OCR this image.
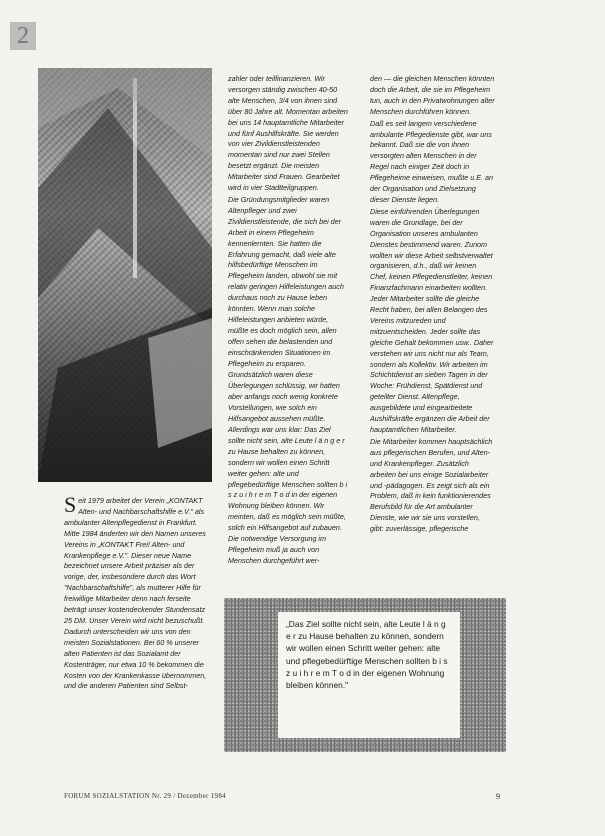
2

Seit 1979 arbeitet der Verein „KONTAKT Alten- und Nachbarschaftshilfe e.V." als ambulanter Altenpflegedienst in Frankfurt. Mitte 1984 änderten wir den Namen unseres Vereins in „KONTAKT Frei! Alten- und Krankenpflege e.V.". Dieser neue Name bezeichnet unsere Arbeit präziser als der vorige, der, insbesondere durch das Wort "Nachbarschaftshilfe", als mutterer Hilfe für freiwillige Mitarbeiter denn nach ferseite beträgt unser kostendeckender Stundensatz 25 DM. Unser Verein wird nicht bezuschußt. Dadurch unterscheiden wir uns von den meisten Sozialstationen. Bei 60 % unserer alten Patienten ist das Sozialamt der Kostenträger, nur etwa 10 % bekommen die Kosten von der Krankenkasse übernommen, und die anderen Patienten sind Selbst-

zahler oder teilfinanzieren. Wir versorgen ständig zwischen 40-50 alte Menschen, 3/4 von ihnen sind über 80 Jahre alt. Momentan arbeiten bei uns 14 hauptamtliche Mitarbeiter und fünf Aushilfskräfte. Sie werden von vier Zivildienstleistenden momentan sind nur zwei Stellen besetzt ergänzt. Die meisten Mitarbeiter sind Frauen. Gearbeitet wird in vier Stadtteilgruppen.

Die Gründungsmitglieder waren Altenpfleger und zwei Zivildienstleistende, die sich bei der Arbeit in einem Pflegeheim kennenlernten. Sie hatten die Erfahrung gemacht, daß viele alte hilfsbedürftige Menschen im Pflegeheim landen, obwohl sie mit relativ geringen Hilfeleistungen auch durchaus noch zu Hause leben könnten. Wenn man solche Hilfeleistungen anbieten würde, müßte es doch möglich sein, allen offen sehen die belastenden und einschränkenden Situationen im Pflegeheim zu ersparen.

Grundsätzlich waren diese Überlegungen schlüssig, wir hatten aber anfangs noch wenig konkrete Vorstellungen, wie solch ein Hilfsangebot aussehen müßte. Allerdings war uns klar: Das Ziel sollte nicht sein, alte Leute l ä n g e r zu Hause behalten zu können, sondern wir wollen einen Schritt weiter gehen: alte und pflegebedürftige Menschen sollten b i s z u i h r e m T o d in der eigenen Wohnung bleiben können. Wir meinten, daß es möglich sein müßte, solch ein Hilfsangebot auf zubauen. Die notwendige Versorgung im Pflegeheim muß ja auch von Menschen durchgeführt wer-

den — die gleichen Menschen könnten doch die Arbeit, die sie im Pflegeheim tun, auch in den Privatwohnungen alter Menschen durchführen können.

Daß es seit langem verschiedene ambulante Pflegedienste gibt, war uns bekannt. Daß sie die von ihnen versorgten alten Menschen in der Regel nach einiger Zeit doch in Pflegeheime einweisen, mußte u.E. an der Organisation und Zielsetzung dieser Dienste liegen.

Diese einführenden Überlegungen waren die Grundlage, bei der Organisation unseres ambulanten Dienstes bestimmend waren. Zunom wollten wir diese Arbeit selbstverwaltet organisieren, d.h., daß wir keinen Chef, keinen Pflegedienstleiter, keinen Finanzfachmann einarbeiten wollten. Jeder Mitarbeiter sollte die gleiche Recht haben, bei allen Belangen des Vereins mitzureden und mitzuentscheiden. Jeder sollte das gleiche Gehalt bekommen usw.. Daher verstehen wir uns nicht nur als Team, sondern als Kollektiv. Wir arbeiten im Schichtdienst an sieben Tagen in der Woche: Frühdienst, Spätdienst und geteilter Dienst. Altenpflege, ausgebildete und eingearbeitete Aushilfskräfte ergänzen die Arbeit der hauptamtlichen Mitarbeiter.

Die Mitarbeiter kommen hauptsächlich aus pflegerischen Berufen, und Alten- und Krankenpfleger. Zusätzlich arbeiten bei uns einige Sozialarbeiter und -pädagogen. Es zeigt sich als ein Problem, daß in kein funktionierendes Berufsbild für die Art ambulanter Dienste, wie wir sie uns vorstellen, gibt: zuverlässige, pflegerische

„Das Ziel sollte nicht sein, alte Leute l ä n g e r zu Hause behalten zu können, sondern wir wollen einen Schritt weiter gehen: alte und pflegebedürftige Menschen sollten b i s z u i h r e m T o d in der eigenen Wohnung bleiben können."
FORUM SOZIALSTATION Nr. 29 / Dezember 1984	9
